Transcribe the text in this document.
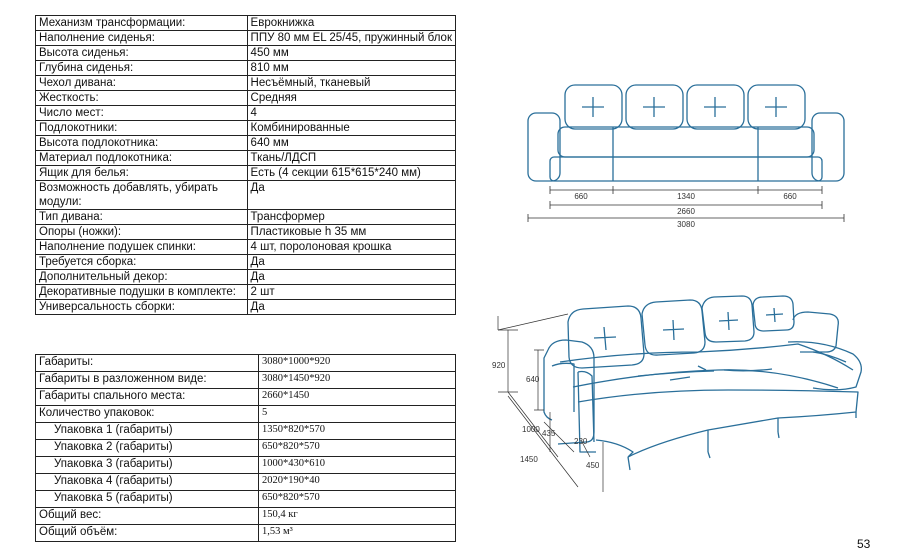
Механизм трансформации:	Еврокнижка
Наполнение сиденья:	ППУ 80 мм EL 25/45, пружинный блок
Высота сиденья:	450 мм
Глубина сиденья:	810 мм
Чехол дивана:	Несъёмный, тканевый
Жесткость:	Средняя
Число мест:	4
Подлокотники:	Комбинированные
Высота подлокотника:	640 мм
Материал подлокотника:	Ткань/ЛДСП
Ящик для белья:	Есть (4 секции 615*615*240 мм)
Возможность добавлять, убирать модули:	Да
Тип дивана:	Трансформер
Опоры (ножки):	Пластиковые h 35 мм
Наполнение подушек спинки:	4 шт, поролоновая крошка
Требуется сборка:	Да
Дополнительный декор:	Да
Декоративные подушки в комплекте:	2 шт
Универсальность сборки:	Да
Габариты:	3080*1000*920
Габариты в разложенном виде:	3080*1450*920
Габариты спального места:	2660*1450
Количество упаковок:	5
Упаковка 1 (габариты)	1350*820*570
Упаковка 2 (габариты)	650*820*570
Упаковка 3 (габариты)	1000*430*610
Упаковка 4 (габариты)	2020*190*40
Упаковка 5 (габариты)	650*820*570
Общий вес:	150,4 кг
Общий объём:	1,53 м³
660	1340	660
2660
3080
920
640
1000 435
230
1450
450
53
